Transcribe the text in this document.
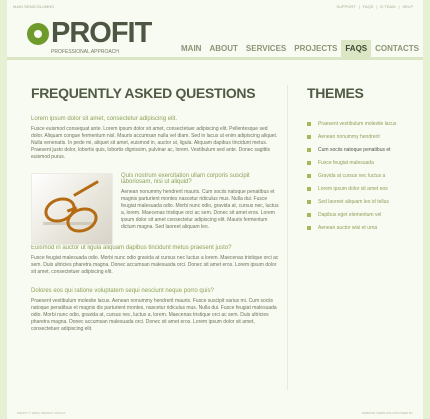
MAIN SEMICOLUMNS	SUPPORT | FAQS | E-TEAM | HELP
PROFIT
PROFESSIONAL APPROACH	MAIN	ABOUT	SERVICES	PROJECTS	FAQS	CONTACTS
FREQUENTLY ASKED QUESTIONS
Lorem ipsum dolor sit amet, consectetur adipiscing elit.
Fusce euismod consequat ante. Lorem ipsum dolor sit amet, consectetuer adipiscing elit. Pellentesque sed dolor. Aliquam congue fermentum nisl. Mauris accumsan nulla vel diam. Sed in lacus ut enim adipiscing aliquet. Nulla venenatis. In pede mi, aliquet sit amet, euismod in, auctor ut, ligula. Aliquam dapibus tincidunt metus. Praesent justo dolor, lobortis quis, lobortis dignissim, pulvinar ac, lorem. Vestibulum sed ante. Donec sagittis euismod purus.
Quis nostrum exercitation ullam corporis suscipit laboriosam, nisi ut aliquid?
Aenean nonummy hendrerit mauris. Cum sociis natoque penatibus et magnis parturient montes nascetur ridiculus mus. Nulla dui. Fusce feugiat malesuada odio. Morbi nunc odio, gravida at, cursus nec, luctus a, lorem. Maecenas tristique orci ac sem. Donec sit amet eros. Lorem ipsum dolor sit amet consectetur adipiscing elit. Mauris fermentum dictum magna. Sed laoreet aliquam leo.
Euismod in auctor ut ligula aliquam dapibus tincidunt metus praesent justo?
Fusce feugiat malesuada odio. Morbi nunc odio gravida at cursus nec luctus a lorem. Maecenas tristique orci ac sem. Duis ultricies pharetra magna. Donec accumsan malesuada orci. Donec sit amet eros. Lorem ipsum dolor sit amet, consectetuer adipiscing elit.
Dolores eos qui ratione voluptatem sequi nesciunt neque porro quis?
Praesent vestibulum molestie lacus. Aenean nonummy hendrerit mauris. Fusce suscipit varius mi. Cum sociis natoque penatibus et magnis dis parturient montes, nascetur ridiculus mus. Nulla dui. Fusce feugiat malesuada odio. Morbi nunc odio, gravida at, cursus nec, luctus a, lorem. Maecenas tristique orci ac sem. Duis ultricies pharetra magna. Donec accumsan malesuada orci. Donec sit amet eros. Lorem ipsum dolor sit amet, consectetuer adipiscing elit.
THEMES
Praesent vestibulum molestie lacus
Aenean nonummy hendrerit
Cum sociis natoque penatibus et
Fusce feugiat malesuada
Gravida at cursus nec luctus a
Lorem ipsum dolor sit amet eos
Sed laoreet aliquam leo id tellus
Dapibus eget elementum vel
Aenean auctor wisi et urna
PROFIT © 2008 | PRIVACY POLICY	WEBSITE TEMPLATE PROVIDED BY
